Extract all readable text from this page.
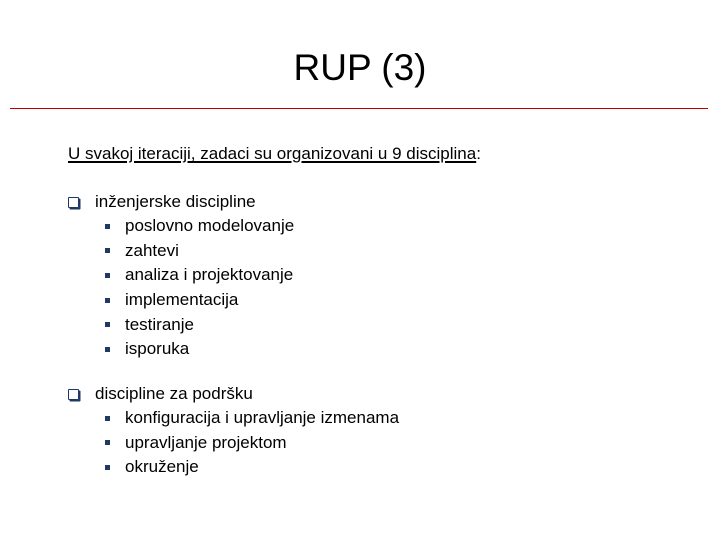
RUP (3)
U svakoj iteraciji, zadaci su organizovani u 9 disciplina:
inženjerske discipline
poslovno modelovanje
zahtevi
analiza i projektovanje
implementacija
testiranje
isporuka
discipline za podršku
konfiguracija i upravljanje izmenama
upravljanje projektom
okruženje
